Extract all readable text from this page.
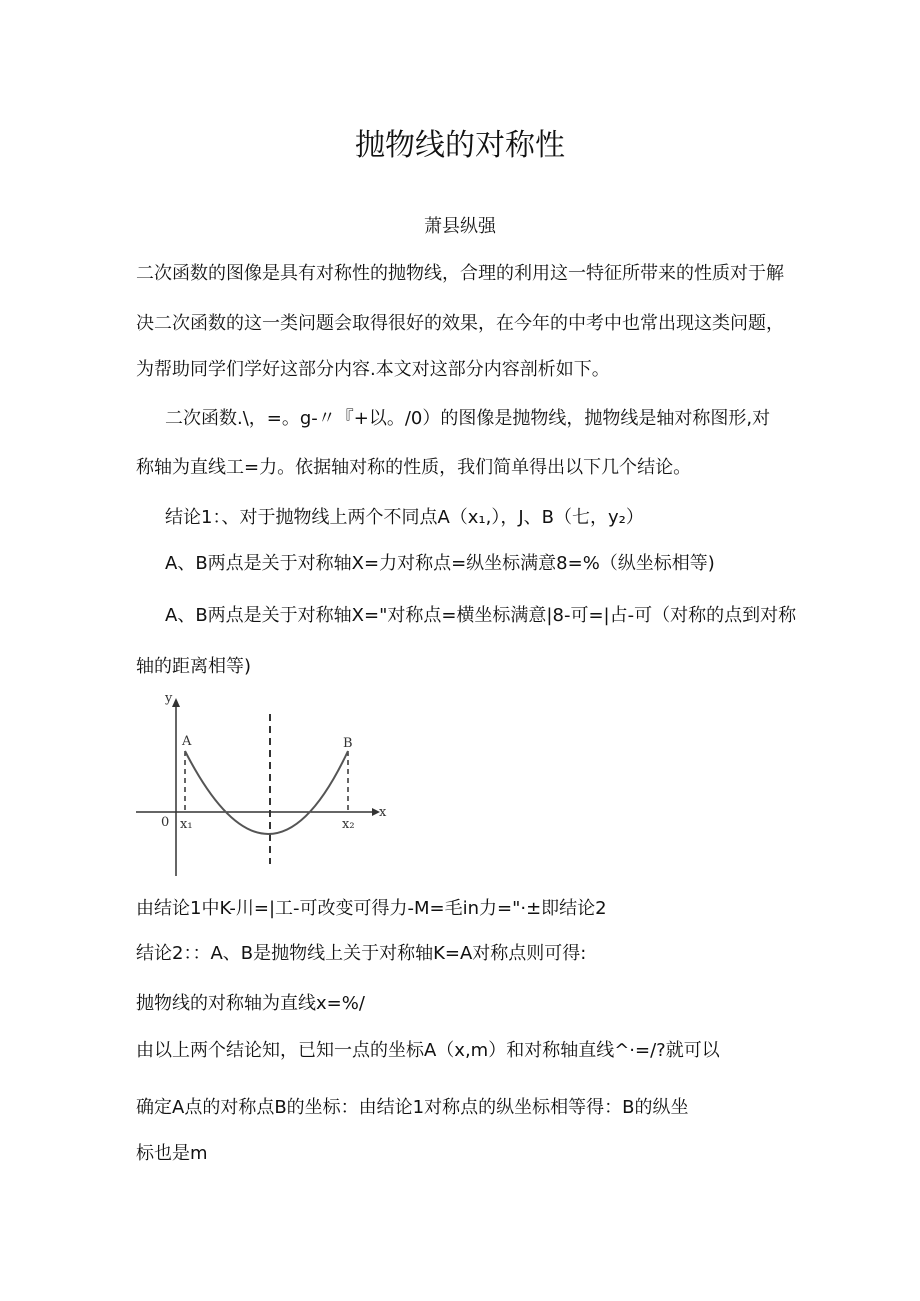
抛物线的对称性
萧县纵强
二次函数的图像是具有对称性的抛物线，合理的利用这一特征所带来的性质对于解
决二次函数的这一类问题会取得很好的效果，在今年的中考中也常出现这类问题，
为帮助同学们学好这部分内容.本文对这部分内容剖析如下。
二次函数.\，=。g-〃『+以。/0）的图像是抛物线，抛物线是轴对称图形,对
称轴为直线工=力。依据轴对称的性质，我们简单得出以下几个结论。
结论1：、对于抛物线上两个不同点A（x₁,），J、B（七，y₂）
A、B两点是关于对称轴X=力对称点=纵坐标满意8=%（纵坐标相等)
A、B两点是关于对称轴X="对称点=横坐标满意|8-可=|占-可（对称的点到对称
轴的距离相等)
y
x
0
A	B
x₁	x₂
由结论1中K-川=|工-可改变可得力-M=毛in力="·±即结论2
结论2：：A、B是抛物线上关于对称轴K=A对称点则可得:
抛物线的对称轴为直线x=%/
由以上两个结论知，已知一点的坐标A（x,m）和对称轴直线^·=/?就可以
确定A点的对称点B的坐标：由结论1对称点的纵坐标相等得：B的纵坐
标也是m
